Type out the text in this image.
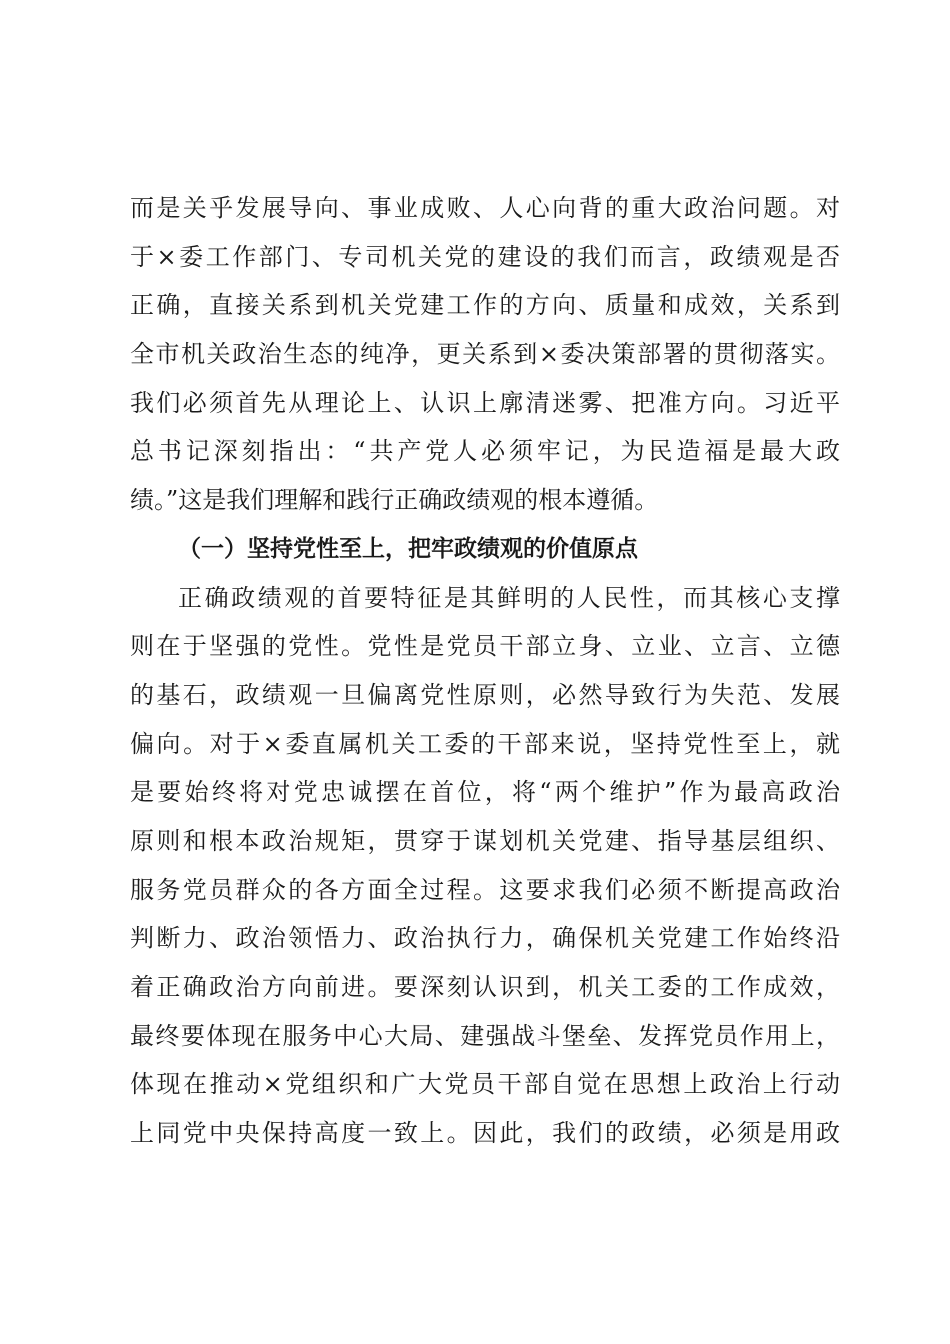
而是关乎发展导向、事业成败、人心向背的重大政治问题。对
于×委工作部门、专司机关党的建设的我们而言，政绩观是否
正确，直接关系到机关党建工作的方向、质量和成效，关系到
全市机关政治生态的纯净，更关系到×委决策部署的贯彻落实。
我们必须首先从理论上、认识上廓清迷雾、把准方向。习近平
总书记深刻指出：“共产党人必须牢记，为民造福是最大政
绩。”这是我们理解和践行正确政绩观的根本遵循。
（一）坚持党性至上，把牢政绩观的价值原点
正确政绩观的首要特征是其鲜明的人民性，而其核心支撑
则在于坚强的党性。党性是党员干部立身、立业、立言、立德
的基石，政绩观一旦偏离党性原则，必然导致行为失范、发展
偏向。对于×委直属机关工委的干部来说，坚持党性至上，就
是要始终将对党忠诚摆在首位，将“两个维护”作为最高政治
原则和根本政治规矩，贯穿于谋划机关党建、指导基层组织、
服务党员群众的各方面全过程。这要求我们必须不断提高政治
判断力、政治领悟力、政治执行力，确保机关党建工作始终沿
着正确政治方向前进。要深刻认识到，机关工委的工作成效，
最终要体现在服务中心大局、建强战斗堡垒、发挥党员作用上，
体现在推动×党组织和广大党员干部自觉在思想上政治上行动
上同党中央保持高度一致上。因此，我们的政绩，必须是用政
